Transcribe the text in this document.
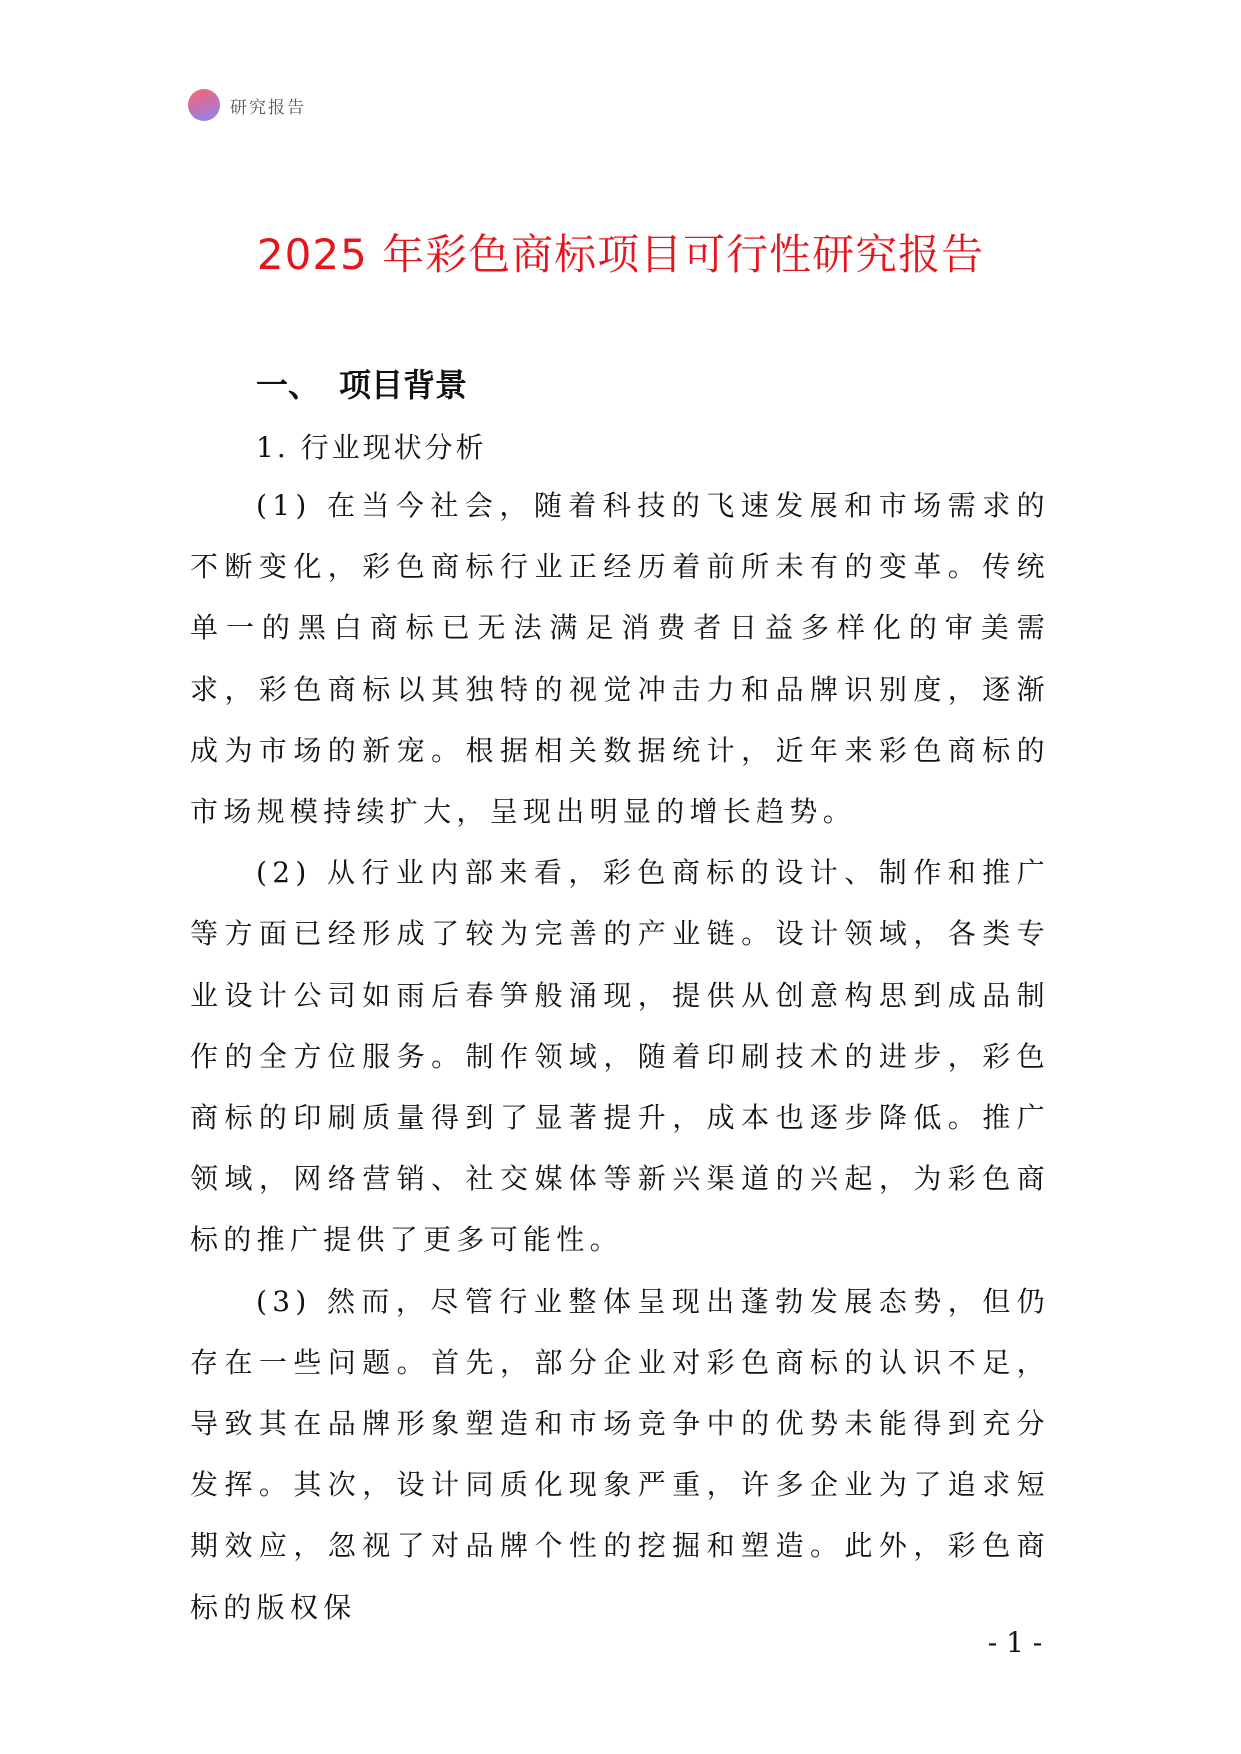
研究报告
2025 年彩色商标项目可行性研究报告
一、 项目背景
1. 行业现状分析

(1) 在当今社会，随着科技的飞速发展和市场需求的不断变化，彩色商标行业正经历着前所未有的变革。传统单一的黑白商标已无法满足消费者日益多样化的审美需求，彩色商标以其独特的视觉冲击力和品牌识别度，逐渐成为市场的新宠。根据相关数据统计，近年来彩色商标的市场规模持续扩大，呈现出明显的增长趋势。

(2) 从行业内部来看，彩色商标的设计、制作和推广等方面已经形成了较为完善的产业链。设计领域，各类专业设计公司如雨后春笋般涌现，提供从创意构思到成品制作的全方位服务。制作领域，随着印刷技术的进步，彩色商标的印刷质量得到了显著提升，成本也逐步降低。推广领域，网络营销、社交媒体等新兴渠道的兴起，为彩色商标的推广提供了更多可能性。

(3) 然而，尽管行业整体呈现出蓬勃发展态势，但仍存在一些问题。首先，部分企业对彩色商标的认识不足，导致其在品牌形象塑造和市场竞争中的优势未能得到充分发挥。其次，设计同质化现象严重，许多企业为了追求短期效应，忽视了对品牌个性的挖掘和塑造。此外，彩色商标的版权保

- 1 -
